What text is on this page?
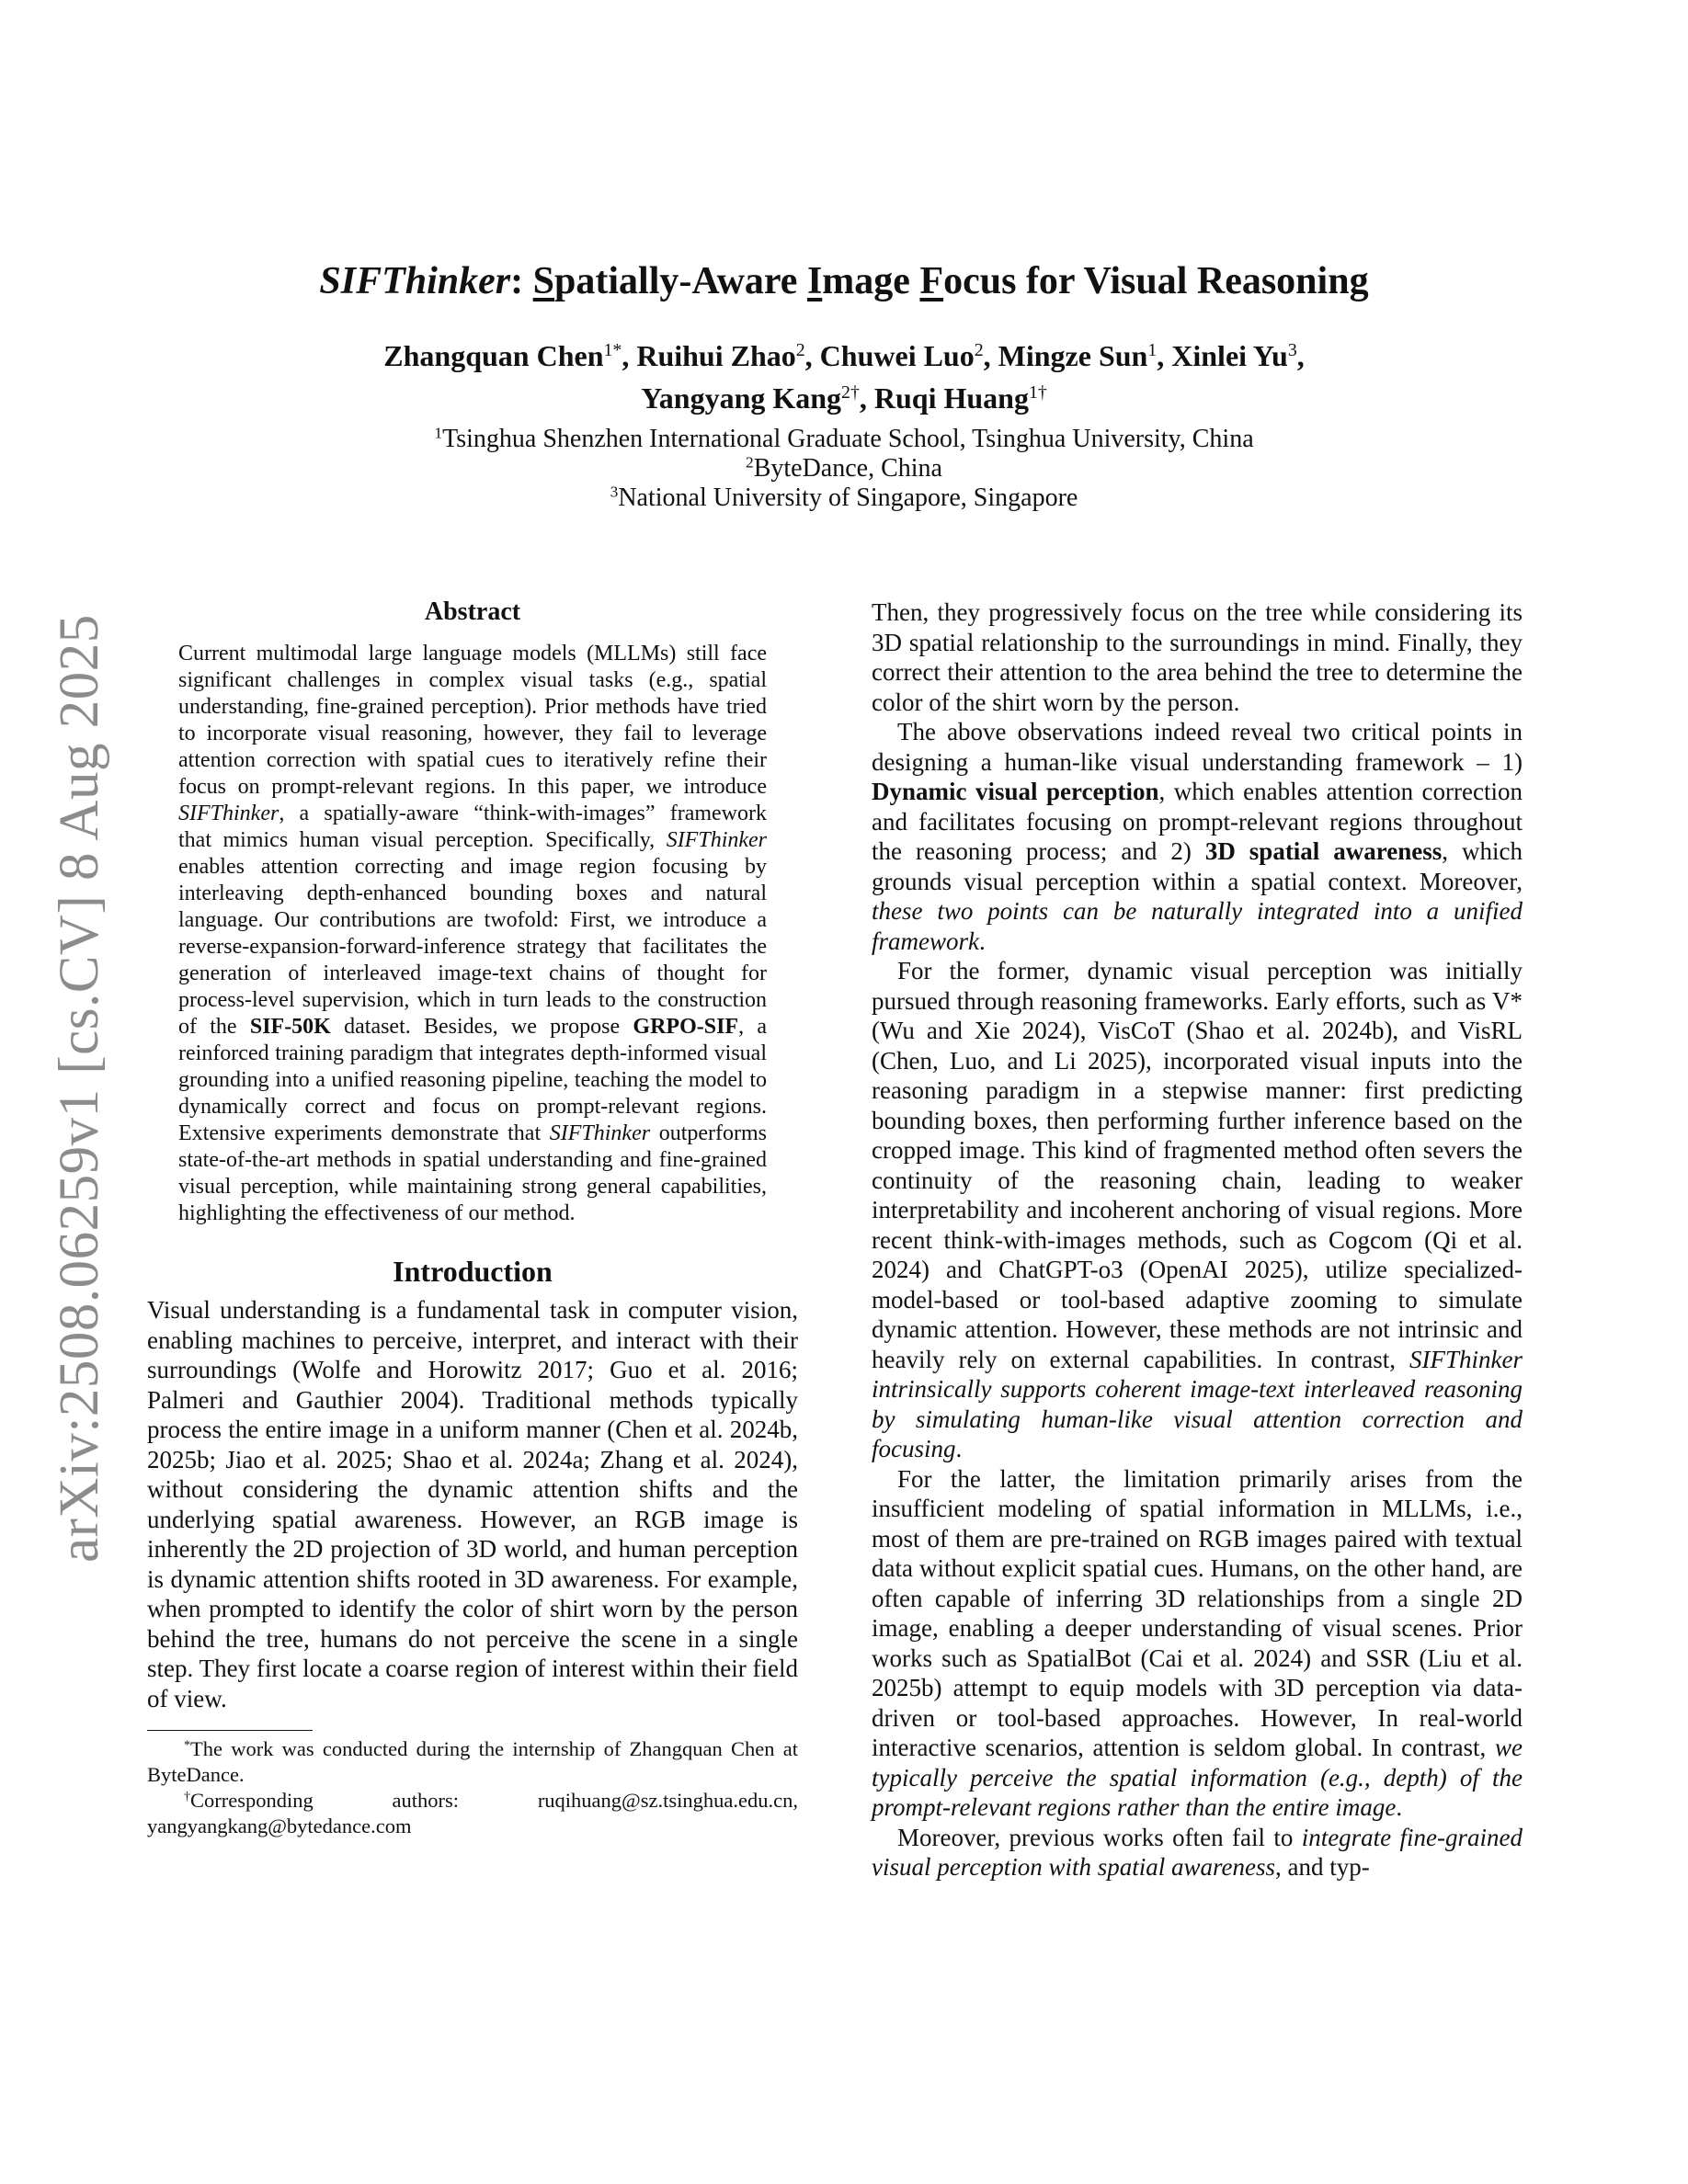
arXiv:2508.06259v1 [cs.CV] 8 Aug 2025
SIFThinker: Spatially-Aware Image Focus for Visual Reasoning
Zhangquan Chen$^{1*}$, Ruihui Zhao$^2$, Chuwei Luo$^2$, Mingze Sun$^1$, Xinlei Yu$^3$,
Yangyang Kang$^{2\dagger}$, Ruqi Huang$^{1\dagger}$
$^1$Tsinghua Shenzhen International Graduate School, Tsinghua University, China
$^2$ByteDance, China
$^3$National University of Singapore, Singapore
Abstract

Current multimodal large language models (MLLMs) still face significant challenges in complex visual tasks (e.g., spatial understanding, fine-grained perception). Prior methods have tried to incorporate visual reasoning, however, they fail to leverage attention correction with spatial cues to iteratively refine their focus on prompt-relevant regions. In this paper, we introduce SIFThinker, a spatially-aware “think-with-images” framework that mimics human visual perception. Specifically, SIFThinker enables attention correcting and image region focusing by interleaving depth-enhanced bounding boxes and natural language. Our contributions are twofold: First, we introduce a reverse-expansion-forward-inference strategy that facilitates the generation of interleaved image-text chains of thought for process-level supervision, which in turn leads to the construction of the SIF-50K dataset. Besides, we propose GRPO-SIF, a reinforced training paradigm that integrates depth-informed visual grounding into a unified reasoning pipeline, teaching the model to dynamically correct and focus on prompt-relevant regions. Extensive experiments demonstrate that SIFThinker outperforms state-of-the-art methods in spatial understanding and fine-grained visual perception, while maintaining strong general capabilities, highlighting the effectiveness of our method.

Introduction

Visual understanding is a fundamental task in computer vision, enabling machines to perceive, interpret, and interact with their surroundings (Wolfe and Horowitz 2017; Guo et al. 2016; Palmeri and Gauthier 2004). Traditional methods typically process the entire image in a uniform manner (Chen et al. 2024b, 2025b; Jiao et al. 2025; Shao et al. 2024a; Zhang et al. 2024), without considering the dynamic attention shifts and the underlying spatial awareness. However, an RGB image is inherently the 2D projection of 3D world, and human perception is dynamic attention shifts rooted in 3D awareness. For example, when prompted to identify the color of shirt worn by the person behind the tree, humans do not perceive the scene in a single step. They first locate a coarse region of interest within their field of view.

*The work was conducted during the internship of Zhangquan Chen at ByteDance.

†Corresponding	authors:	ruqihuang@sz.tsinghua.edu.cn,
yangyangkang@bytedance.com

Then, they progressively focus on the tree while considering its 3D spatial relationship to the surroundings in mind. Finally, they correct their attention to the area behind the tree to determine the color of the shirt worn by the person.

The above observations indeed reveal two critical points in designing a human-like visual understanding framework – 1) Dynamic visual perception, which enables attention correction and facilitates focusing on prompt-relevant regions throughout the reasoning process; and 2) 3D spatial awareness, which grounds visual perception within a spatial context. Moreover, these two points can be naturally integrated into a unified framework.

For the former, dynamic visual perception was initially pursued through reasoning frameworks. Early efforts, such as V* (Wu and Xie 2024), VisCoT (Shao et al. 2024b), and VisRL (Chen, Luo, and Li 2025), incorporated visual inputs into the reasoning paradigm in a stepwise manner: first predicting bounding boxes, then performing further inference based on the cropped image. This kind of fragmented method often severs the continuity of the reasoning chain, leading to weaker interpretability and incoherent anchoring of visual regions. More recent think-with-images methods, such as Cogcom (Qi et al. 2024) and ChatGPT-o3 (OpenAI 2025), utilize specialized-model-based or tool-based adaptive zooming to simulate dynamic attention. However, these methods are not intrinsic and heavily rely on external capabilities. In contrast, SIFThinker intrinsically supports coherent image-text interleaved reasoning by simulating human-like visual attention correction and focusing.

For the latter, the limitation primarily arises from the insufficient modeling of spatial information in MLLMs, i.e., most of them are pre-trained on RGB images paired with textual data without explicit spatial cues. Humans, on the other hand, are often capable of inferring 3D relationships from a single 2D image, enabling a deeper understanding of visual scenes. Prior works such as SpatialBot (Cai et al. 2024) and SSR (Liu et al. 2025b) attempt to equip models with 3D perception via data-driven or tool-based approaches. However, In real-world interactive scenarios, attention is seldom global. In contrast, we typically perceive the spatial information (e.g., depth) of the prompt-relevant regions rather than the entire image.

Moreover, previous works often fail to integrate fine-grained visual perception with spatial awareness, and typ-
